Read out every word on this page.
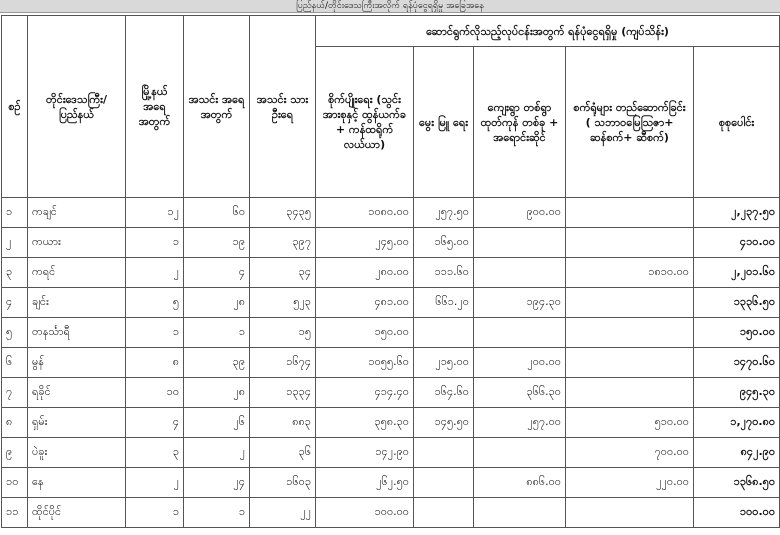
ပြည်နယ်/တိုင်းဒေသကြီးအလိုက် ရန်ပုံငွေရရှိမှု အခြေအနေ
စဉ်	တိုင်းဒေသကြီး/ ပြည်နယ်	မြို့နယ် အရေ အတွက်	အသင်း အရေ အတွက်	အသင်း သား ဦးရေ	ဆောင်ရွက်လိုသည့်လုပ်ငန်းအတွက် ရန်ပုံငွေရရှိမှု (ကျပ်သိန်း)				
					စိုက်ပျိုးရေး (သွင်းအားစုနှင့် ထွန်ယက်ခ + ကန်ထရိုက် လယ်ယာ)	မွေး မြူ ရေး	ကျေးရွာ တစ်ရွာ ထုတ်ကုန် တစ်ခု + အရောင်းဆိုင်	စက်ရုံများ တည်ဆောက်ခြင်း ( သဘာဝမြေဩဇာ+ ဆန်စက်+ ဆီစက်)	စုစုပေါင်း
၁	ကချင်	၁၂	၆၀	၃၄၃၅	၁၀၈၀.၀၀	၂၅၇.၅၀	၉၀၀.၀၀		၂,၂၃၇.၅၀
၂	ကယား	၁	၁၉	၃၉၇	၂၄၅.၀၀	၁၆၅.၀၀			၄၁၀.၀၀
၃	ကရင်	၂	၄	၃၄	၂၈၀.၀၀	၁၁၁.၆၀		၁၈၁၀.၀၀	၂,၂၀၁.၆၀
၄	ချင်း	၅	၂၈	၅၂၃	၄၈၁.၀၀	၆၆၁.၂၀	၁၉၄.၃၀		၁၃၃၆.၅၀
၅	တနင်္သာရီ	၁	၁	၁၅	၁၅၀.၀၀				၁၅၀.၀၀
၆	မွန်	၈	၃၉	၁၆၇၄	၁၀၅၅.၆၀	၂၁၅.၀၀	၂၀၀.၀၀		၁၄၇၀.၆၀
၇	ရခိုင်	၁၀	၂၈	၁၃၃၄	၄၁၄.၄၀	၁၆၄.၆၀	၃၆၆.၃၀		၉၄၅.၃၀
၈	ရှမ်း	၄	၂၆	၈၈၃	၃၅၈.၃၀	၁၄၅.၅၀	၂၅၇.၀၀	၅၁၀.၀၀	၁,၂၇၀.၈၀
၉	ပဲခူး	၃	၂	၃၆	၁၄၂.၉၀			၇၀၀.၀၀	၈၄၂.၉၀
၁၀	နေ	၂	၂၄	၁၆၀၃	၂၆၂.၅၀		၈၈၆.၀၀	၂၂၀.၀၀	၁၃၆၈.၅၀
၁၁	ထိုင်ပိုင်	၁	၁	၂၂	၁၀၀.၀၀				၁၀၀.၀၀
